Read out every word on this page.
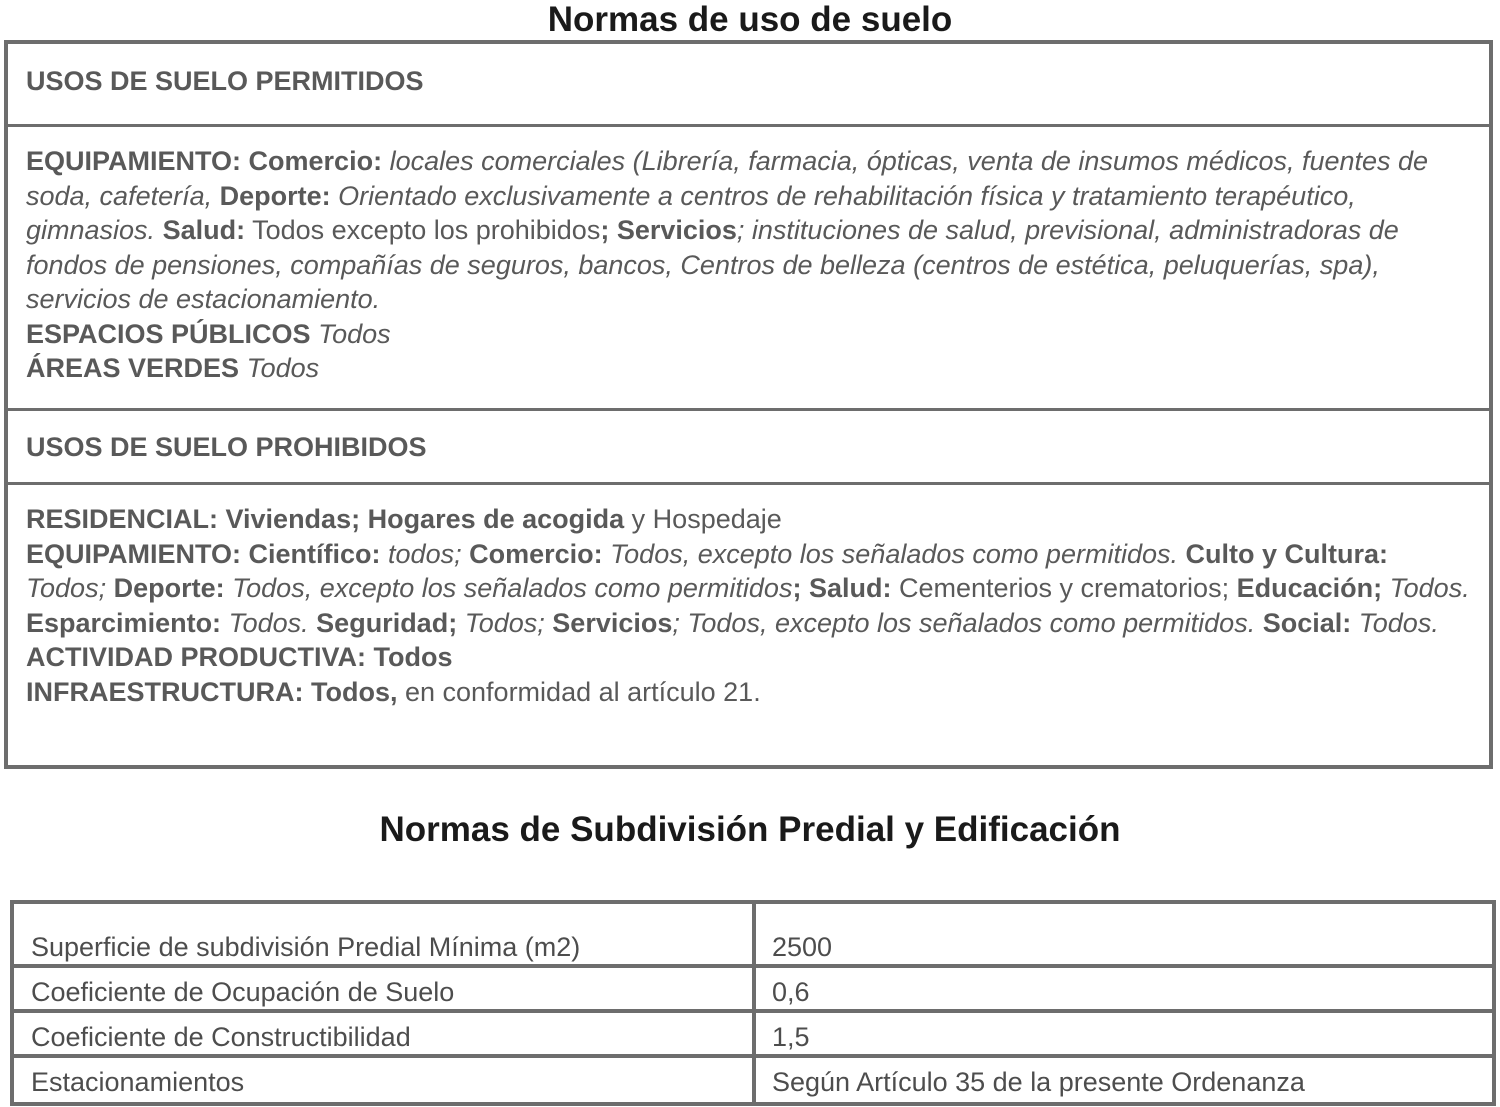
Normas de uso de suelo
USOS DE SUELO PERMITIDOS
EQUIPAMIENTO: Comercio: locales comerciales (Librería, farmacia, ópticas, venta de insumos médicos, fuentes de soda, cafetería, Deporte: Orientado exclusivamente a centros de rehabilitación física y tratamiento terapéutico, gimnasios. Salud: Todos excepto los prohibidos; Servicios; instituciones de salud, previsional, administradoras de fondos de pensiones, compañías de seguros, bancos, Centros de belleza (centros de estética, peluquerías, spa), servicios de estacionamiento.
ESPACIOS PÚBLICOS Todos
ÁREAS VERDES Todos
USOS DE SUELO PROHIBIDOS
RESIDENCIAL: Viviendas; Hogares de acogida y Hospedaje
EQUIPAMIENTO: Científico: todos; Comercio: Todos, excepto los señalados como permitidos. Culto y Cultura: Todos; Deporte: Todos, excepto los señalados como permitidos; Salud: Cementerios y crematorios; Educación; Todos. Esparcimiento: Todos. Seguridad; Todos; Servicios; Todos, excepto los señalados como permitidos. Social: Todos.
ACTIVIDAD PRODUCTIVA: Todos
INFRAESTRUCTURA: Todos, en conformidad al artículo 21.
Normas de Subdivisión Predial y Edificación
Superficie de subdivisión Predial Mínima (m2)	2500
Coeficiente de Ocupación de Suelo	0,6
Coeficiente de Constructibilidad	1,5
Estacionamientos	Según Artículo 35 de la presente Ordenanza
